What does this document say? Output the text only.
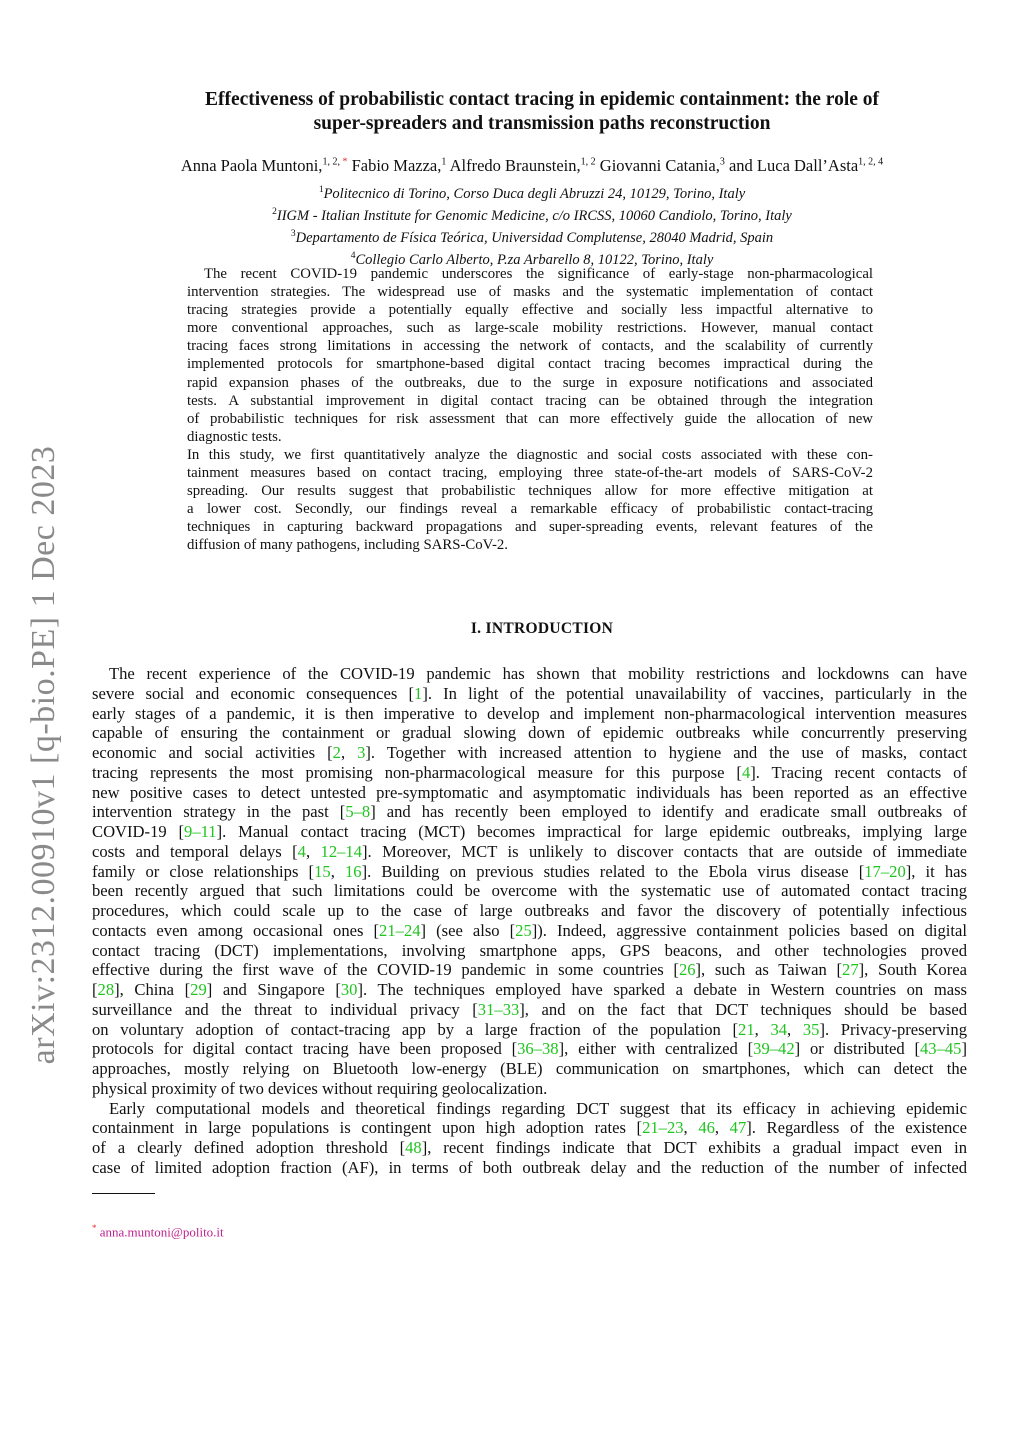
arXiv:2312.00910v1 [q-bio.PE] 1 Dec 2023
Effectiveness of probabilistic contact tracing in epidemic containment: the role of
super-spreaders and transmission paths reconstruction
Anna Paola Muntoni,$^{1, 2,}$ * Fabio Mazza,$^1$ Alfredo Braunstein,$^{1, 2}$ Giovanni Catania,$^3$ and Luca Dall’Asta$^{1, 2, 4}$
$^1$Politecnico di Torino, Corso Duca degli Abruzzi 24, 10129, Torino, Italy
$^2$IIGM - Italian Institute for Genomic Medicine, c/o IRCSS, 10060 Candiolo, Torino, Italy
$^3$Departamento de Física Teórica, Universidad Complutense, 28040 Madrid, Spain
$^4$Collegio Carlo Alberto, P.za Arbarello 8, 10122, Torino, Italy
The recent COVID-19 pandemic underscores the significance of early-stage non-pharmacological
intervention strategies. The widespread use of masks and the systematic implementation of contact
tracing strategies provide a potentially equally effective and socially less impactful alternative to
more conventional approaches, such as large-scale mobility restrictions. However, manual contact
tracing faces strong limitations in accessing the network of contacts, and the scalability of currently
implemented protocols for smartphone-based digital contact tracing becomes impractical during the
rapid expansion phases of the outbreaks, due to the surge in exposure notifications and associated
tests. A substantial improvement in digital contact tracing can be obtained through the integration
of probabilistic techniques for risk assessment that can more effectively guide the allocation of new
diagnostic tests.
In this study, we first quantitatively analyze the diagnostic and social costs associated with these con-
tainment measures based on contact tracing, employing three state-of-the-art models of SARS-CoV-2
spreading. Our results suggest that probabilistic techniques allow for more effective mitigation at
a lower cost. Secondly, our findings reveal a remarkable efficacy of probabilistic contact-tracing
techniques in capturing backward propagations and super-spreading events, relevant features of the
diffusion of many pathogens, including SARS-CoV-2.
I. INTRODUCTION
The recent experience of the COVID-19 pandemic has shown that mobility restrictions and lockdowns can have
severe social and economic consequences [1]. In light of the potential unavailability of vaccines, particularly in the
early stages of a pandemic, it is then imperative to develop and implement non-pharmacological intervention measures
capable of ensuring the containment or gradual slowing down of epidemic outbreaks while concurrently preserving
economic and social activities [2, 3]. Together with increased attention to hygiene and the use of masks, contact
tracing represents the most promising non-pharmacological measure for this purpose [4]. Tracing recent contacts of
new positive cases to detect untested pre-symptomatic and asymptomatic individuals has been reported as an effective
intervention strategy in the past [5–8] and has recently been employed to identify and eradicate small outbreaks of
COVID-19 [9–11]. Manual contact tracing (MCT) becomes impractical for large epidemic outbreaks, implying large
costs and temporal delays [4, 12–14]. Moreover, MCT is unlikely to discover contacts that are outside of immediate
family or close relationships [15, 16]. Building on previous studies related to the Ebola virus disease [17–20], it has
been recently argued that such limitations could be overcome with the systematic use of automated contact tracing
procedures, which could scale up to the case of large outbreaks and favor the discovery of potentially infectious
contacts even among occasional ones [21–24] (see also [25]). Indeed, aggressive containment policies based on digital
contact tracing (DCT) implementations, involving smartphone apps, GPS beacons, and other technologies proved
effective during the first wave of the COVID-19 pandemic in some countries [26], such as Taiwan [27], South Korea
[28], China [29] and Singapore [30]. The techniques employed have sparked a debate in Western countries on mass
surveillance and the threat to individual privacy [31–33], and on the fact that DCT techniques should be based
on voluntary adoption of contact-tracing app by a large fraction of the population [21, 34, 35]. Privacy-preserving
protocols for digital contact tracing have been proposed [36–38], either with centralized [39–42] or distributed [43–45]
approaches, mostly relying on Bluetooth low-energy (BLE) communication on smartphones, which can detect the
physical proximity of two devices without requiring geolocalization.
Early computational models and theoretical findings regarding DCT suggest that its efficacy in achieving epidemic
containment in large populations is contingent upon high adoption rates [21–23, 46, 47]. Regardless of the existence
of a clearly defined adoption threshold [48], recent findings indicate that DCT exhibits a gradual impact even in
case of limited adoption fraction (AF), in terms of both outbreak delay and the reduction of the number of infected
* anna.muntoni@polito.it
